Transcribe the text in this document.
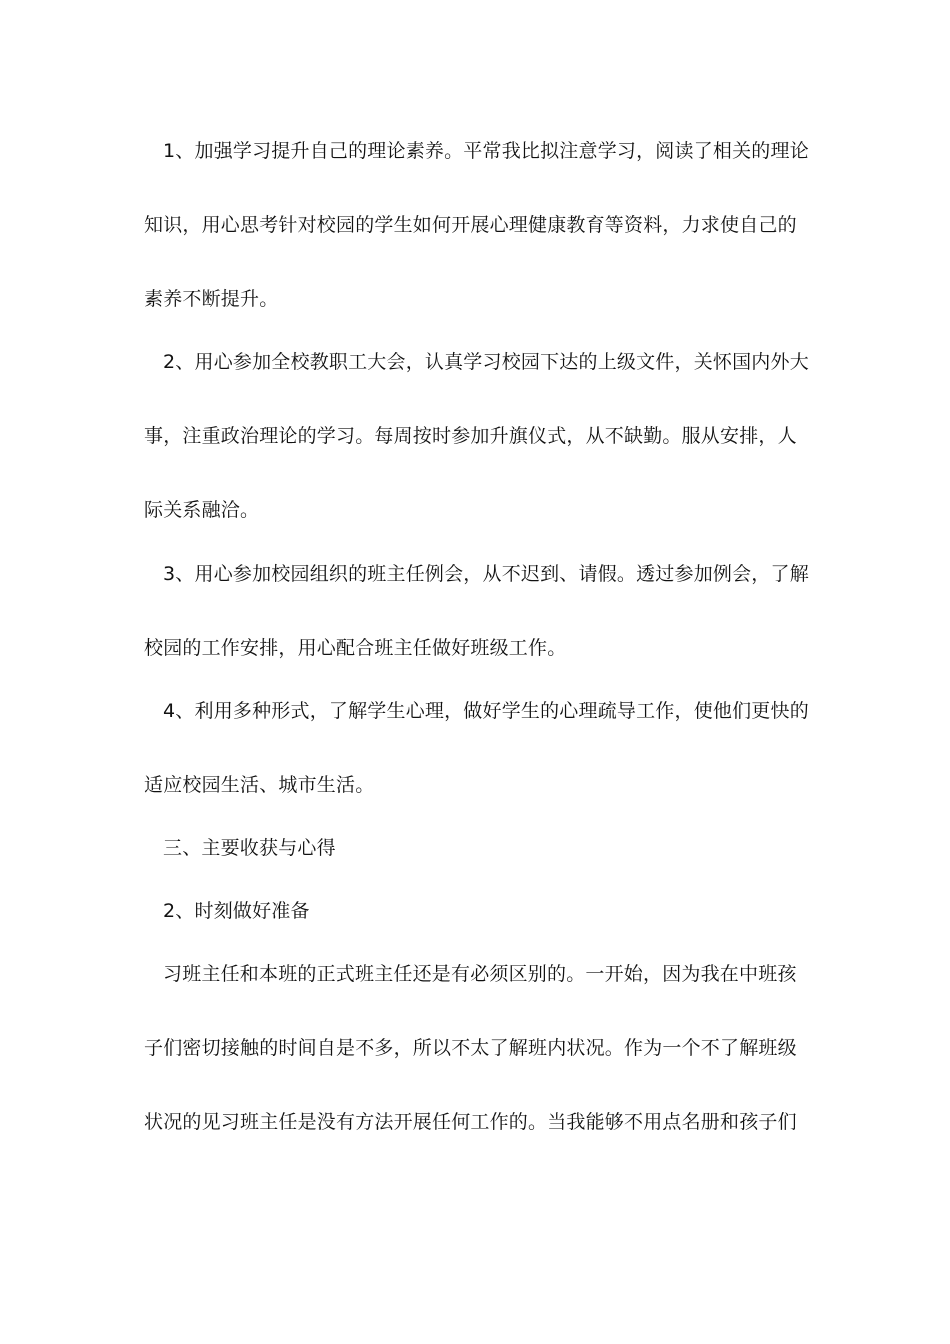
1、加强学习提升自己的理论素养。平常我比拟注意学习，阅读了相关的理论
知识，用心思考针对校园的学生如何开展心理健康教育等资料，力求使自己的
素养不断提升。
2、用心参加全校教职工大会，认真学习校园下达的上级文件，关怀国内外大
事，注重政治理论的学习。每周按时参加升旗仪式，从不缺勤。服从安排，人
际关系融洽。
3、用心参加校园组织的班主任例会，从不迟到、请假。透过参加例会，了解
校园的工作安排，用心配合班主任做好班级工作。
4、利用多种形式，了解学生心理，做好学生的心理疏导工作，使他们更快的
适应校园生活、城市生活。
三、主要收获与心得
2、时刻做好准备
习班主任和本班的正式班主任还是有必须区别的。一开始，因为我在中班孩
子们密切接触的时间自是不多，所以不太了解班内状况。作为一个不了解班级
状况的见习班主任是没有方法开展任何工作的。当我能够不用点名册和孩子们
